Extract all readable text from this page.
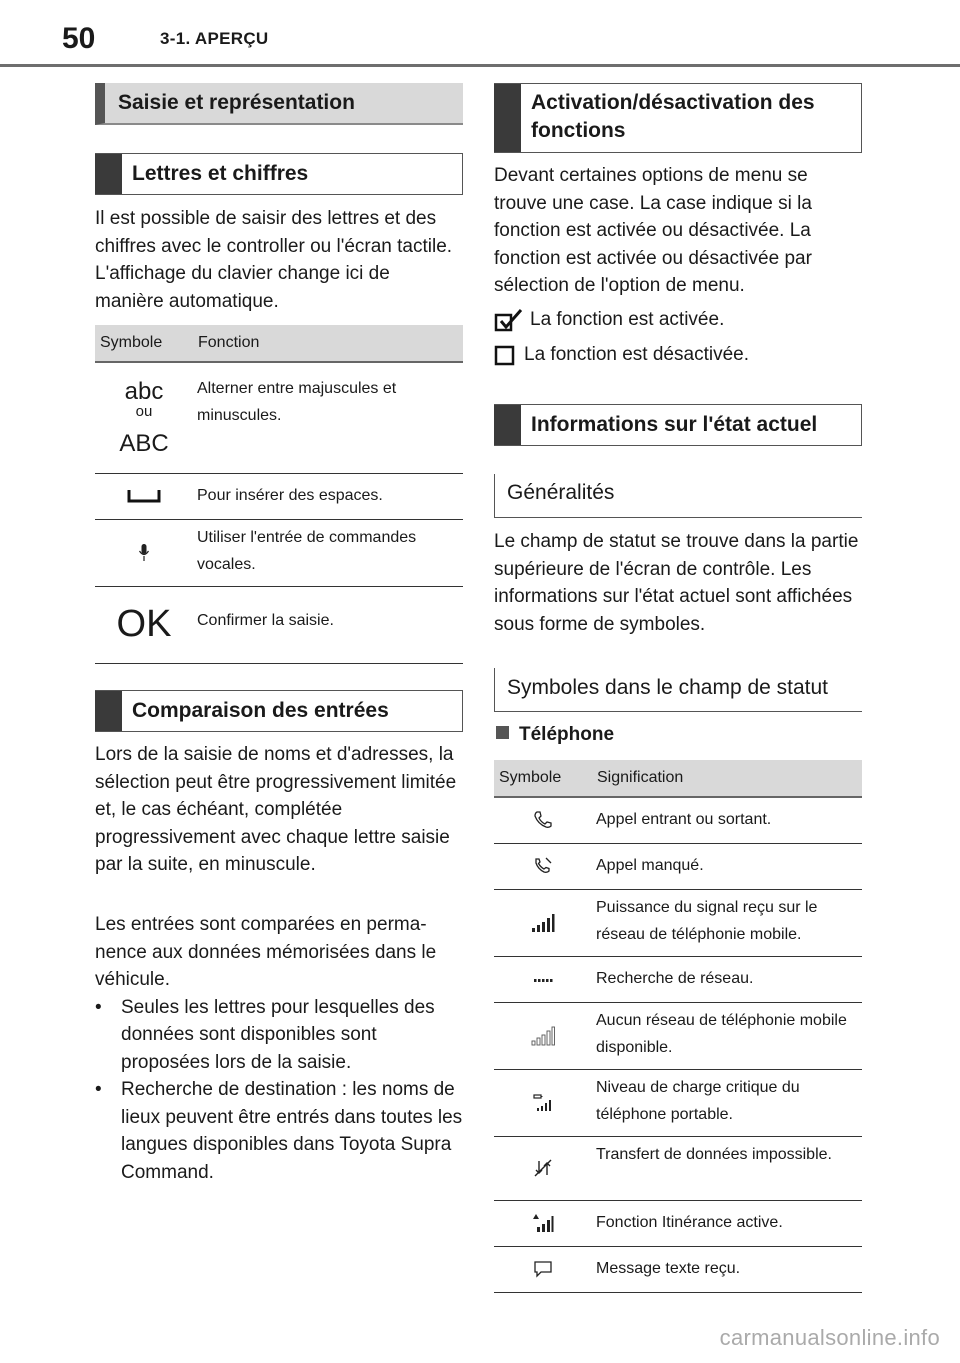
50	3-1. APERÇU
Saisie et représentation
Lettres et chiffres

Il est possible de saisir des lettres et des chiffres avec le controller ou l'écran tactile. L'affichage du clavier change ici de manière automatique.

Symbole	Fonction

abc
ou
ABC	Alterner entre majuscules et minuscules.
	Pour insérer des espaces.
	Utiliser l'entrée de commandes vocales.
OK	Confirmer la saisie.
Comparaison des entrées

Lors de la saisie de noms et d'adresses, la sélection peut être progressivement limitée et, le cas échéant, complétée progressivement avec chaque lettre saisie par la suite, en minuscule.

Les entrées sont comparées en permanence aux données mémorisées dans le véhicule.

•	Seules les lettres pour lesquelles des données sont disponibles sont proposées lors de la saisie.
•	Recherche de destination : les noms de lieux peuvent être entrés dans toutes les langues disponibles dans Toyota Supra Command.
Activation/désactivation des fonctions

Devant certaines options de menu se trouve une case. La case indique si la fonction est activée ou désactivée. La fonction est activée ou désactivée par sélection de l'option de menu.

La fonction est activée.
La fonction est désactivée.
Informations sur l'état actuel
Généralités

Le champ de statut se trouve dans la partie supérieure de l'écran de contrôle. Les informations sur l'état actuel sont affichées sous forme de symboles.

Symboles dans le champ de statut
Téléphone
Symbole	Signification
	Appel entrant ou sortant.
	Appel manqué.
	Puissance du signal reçu sur le réseau de téléphonie mobile.
	Recherche de réseau.
	Aucun réseau de téléphonie mobile disponible.
	Niveau de charge critique du téléphone portable.
	Transfert de données impossible.
	Fonction Itinérance active.
	Message texte reçu.
carmanualsonline.info
